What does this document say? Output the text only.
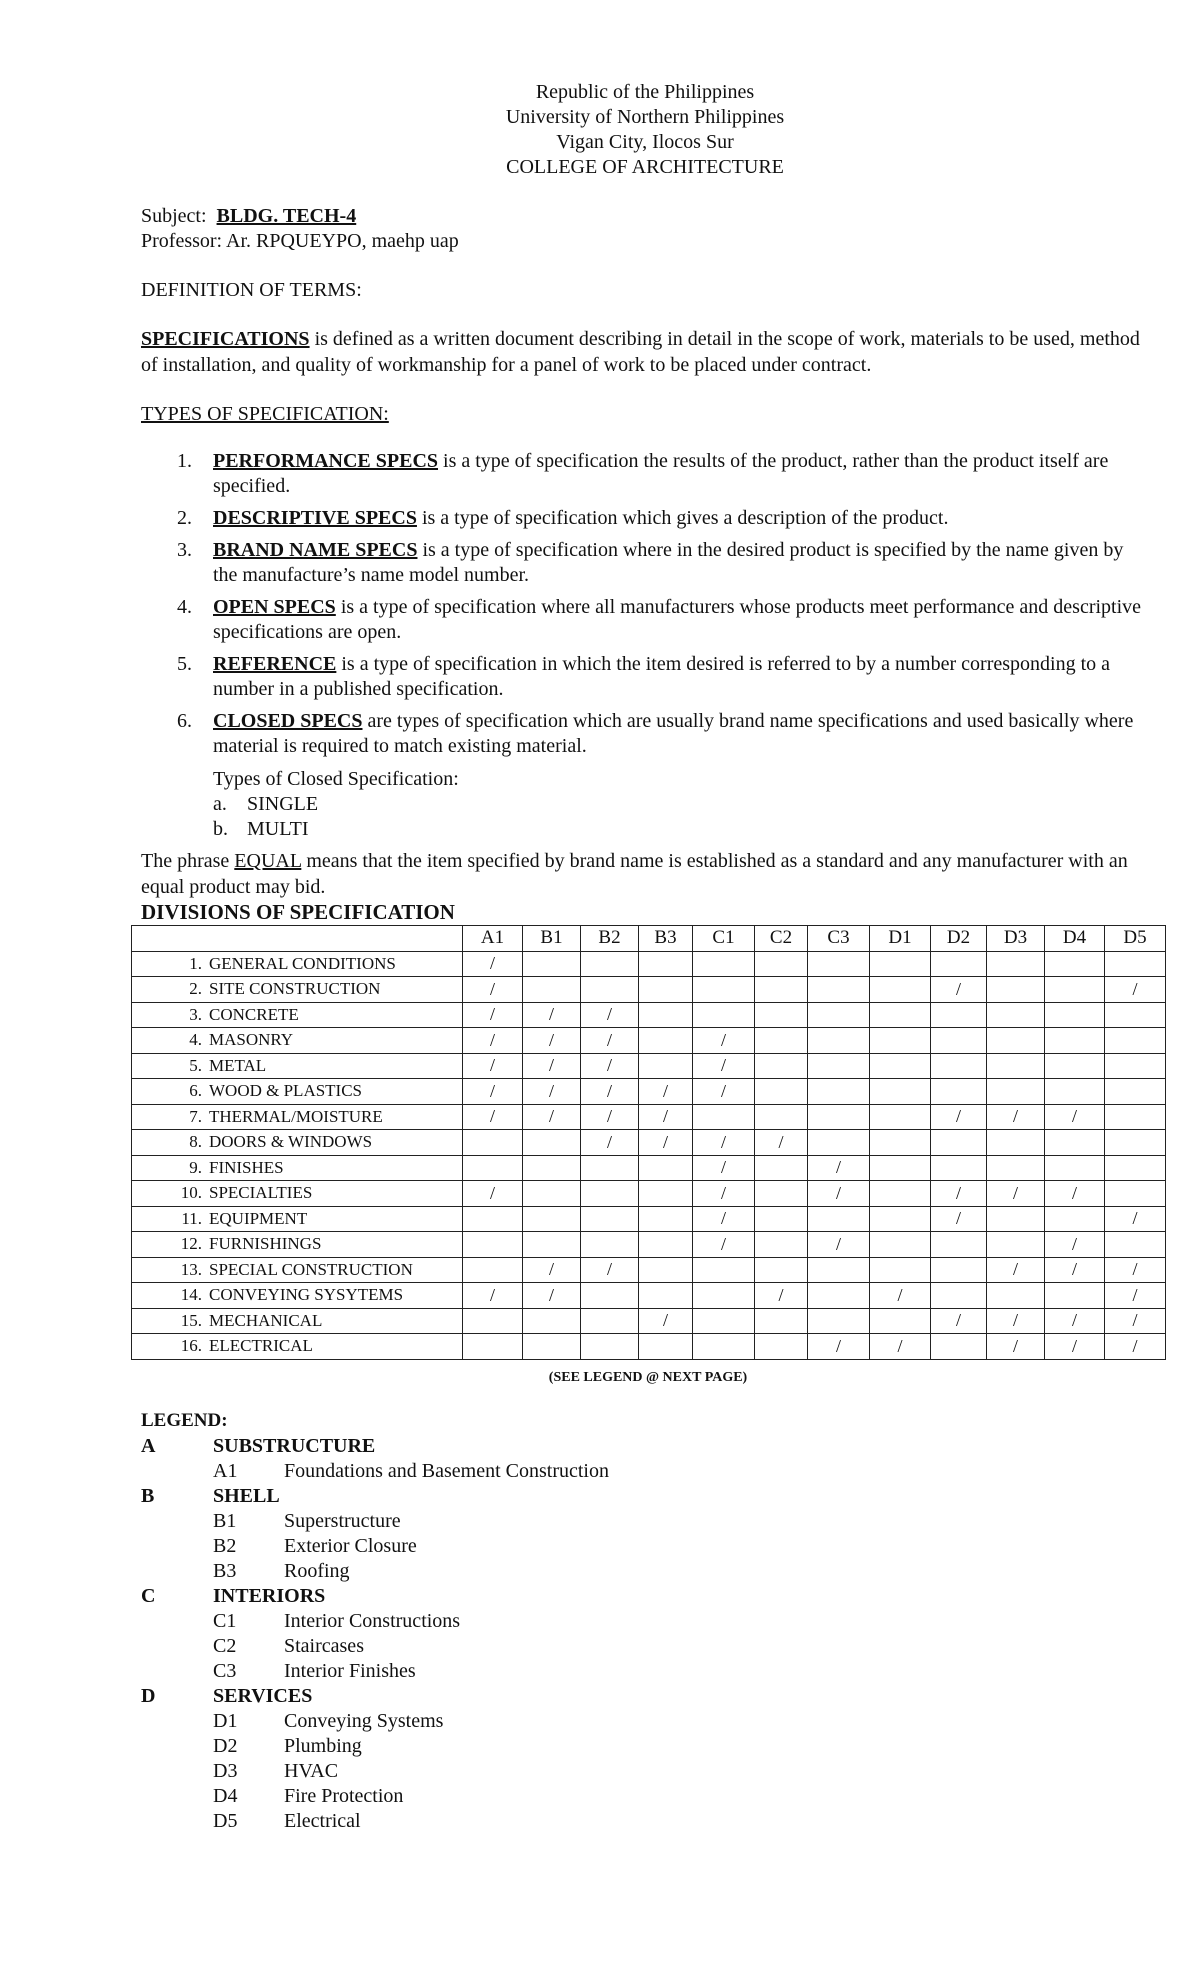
Republic of the Philippines
University of Northern Philippines
Vigan City, Ilocos Sur
COLLEGE OF ARCHITECTURE
Subject: BLDG. TECH-4
Professor: Ar. RPQUEYPO, maehp uap
DEFINITION OF TERMS:
SPECIFICATIONS is defined as a written document describing in detail in the scope of work, materials to be used, method of installation, and quality of workmanship for a panel of work to be placed under contract.
TYPES OF SPECIFICATION:
1. PERFORMANCE SPECS is a type of specification the results of the product, rather than the product itself are specified.
2. DESCRIPTIVE SPECS is a type of specification which gives a description of the product.
3. BRAND NAME SPECS is a type of specification where in the desired product is specified by the name given by the manufacture’s name model number.
4. OPEN SPECS is a type of specification where all manufacturers whose products meet performance and descriptive specifications are open.
5. REFERENCE is a type of specification in which the item desired is referred to by a number corresponding to a number in a published specification.
6. CLOSED SPECS are types of specification which are usually brand name specifications and used basically where material is required to match existing material.
Types of Closed Specification:
a.	SINGLE
b. MULTI
The phrase EQUAL means that the item specified by brand name is established as a standard and any manufacturer with an equal product may bid.
DIVISIONS OF SPECIFICATION
	A1	B1	B2	B3	C1	C2	C3	D1	D2	D3	D4	D5
1. GENERAL CONDITIONS	/											
2. SITE CONSTRUCTION	/								/			/
3. CONCRETE	/	/	/									
4. MASONRY	/	/	/		/							
5. METAL	/	/	/		/							
6. WOOD & PLASTICS	/	/	/	/	/							
7. THERMAL/MOISTURE	/	/	/	/					/	/	/	
8. DOORS & WINDOWS			/	/	/	/						
9. FINISHES					/		/					
10. SPECIALTIES	/				/		/		/	/	/	
11. EQUIPMENT					/				/			/
12. FURNISHINGS					/		/				/	
13. SPECIAL CONSTRUCTION		/	/							/	/	/
14. CONVEYING SYSYTEMS	/	/				/		/				/
15. MECHANICAL				/					/	/	/	/
16. ELECTRICAL							/	/		/	/	/
(SEE LEGEND @ NEXT PAGE)
LEGEND:
A	SUBSTRUCTURE
A1	Foundations and Basement Construction
B	SHELL
B1	Superstructure
B2	Exterior Closure
B3	Roofing
C	INTERIORS
C1	Interior Constructions
C2	Staircases
C3	Interior Finishes
D	SERVICES
D1	Conveying Systems
D2	Plumbing
D3	HVAC
D4	Fire Protection
D5	Electrical
